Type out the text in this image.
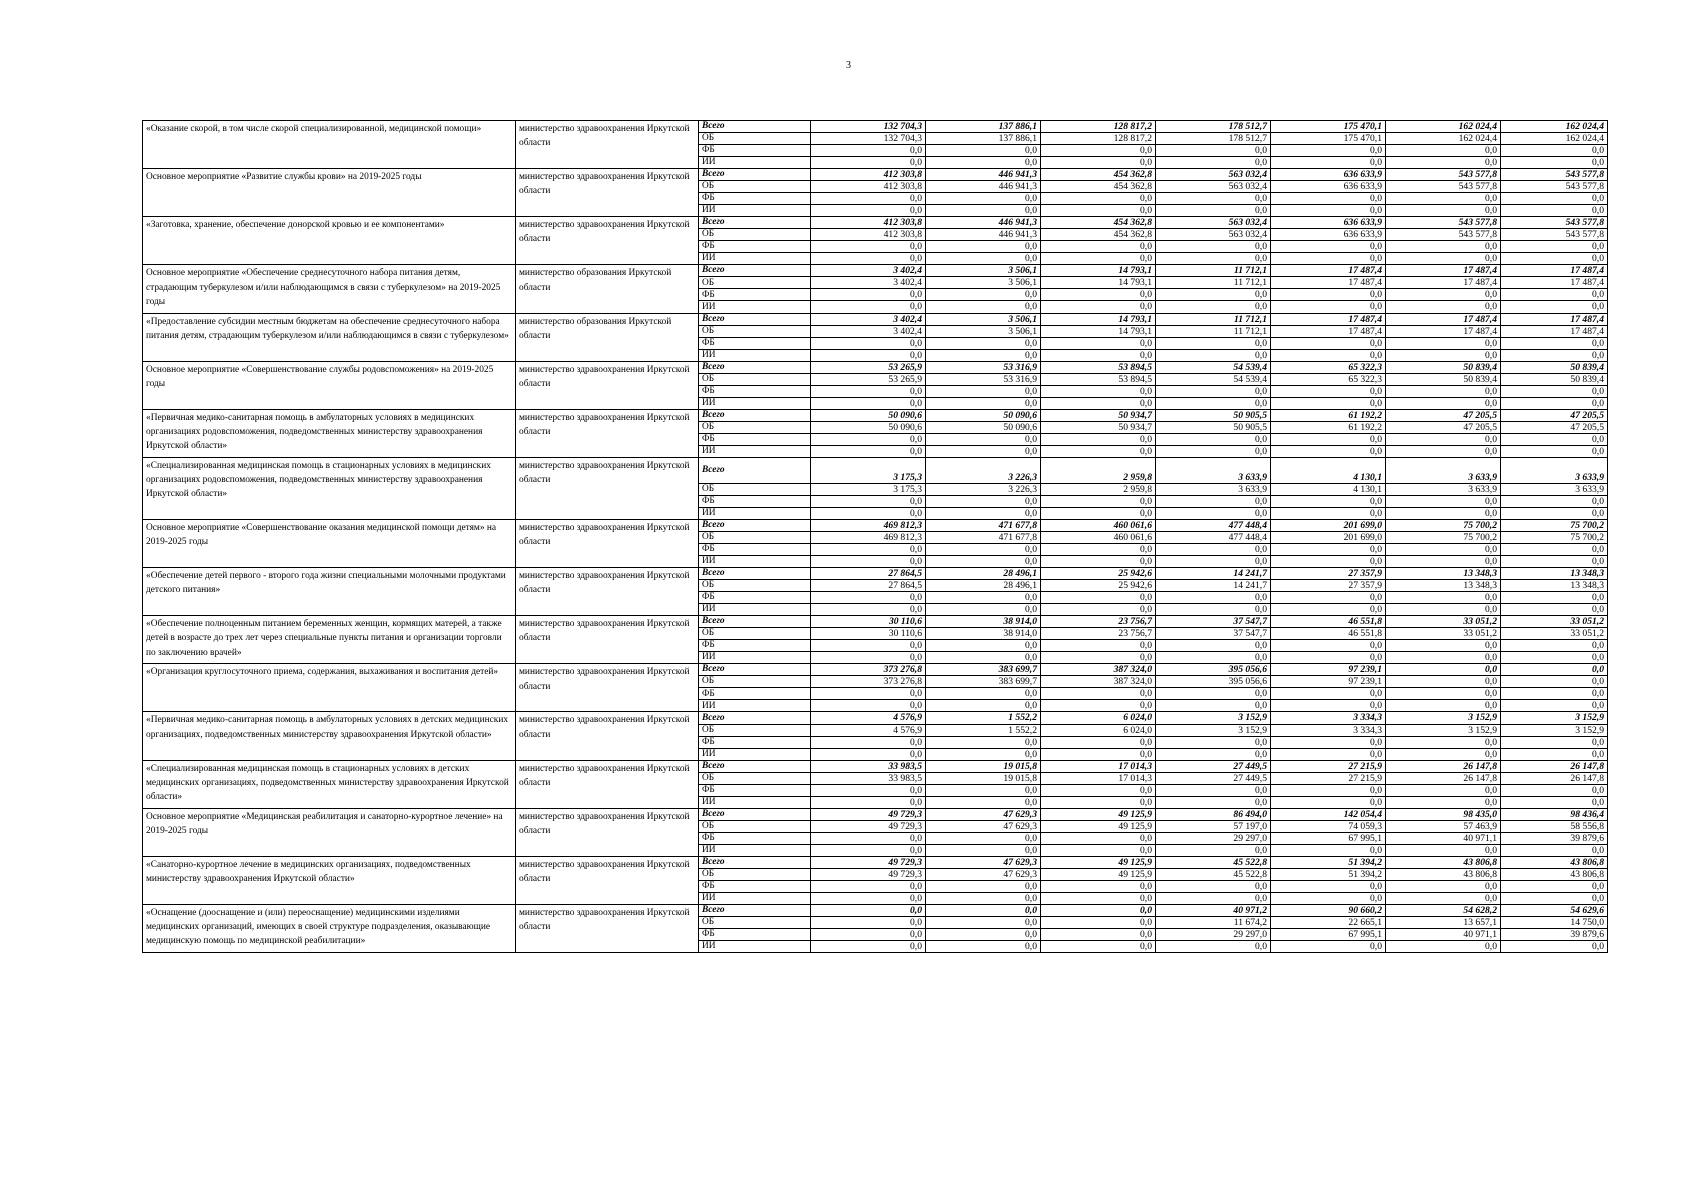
3
«Оказание скорой, в том числе скорой специализированной, медицинской помощи»	министерство здравоохранения Иркутской области	Всего	132 704,3	137 886,1	128 817,2	178 512,7	175 470,1	162 024,4	162 024,4
		ОБ	132 704,3	137 886,1	128 817,2	178 512,7	175 470,1	162 024,4	162 024,4
		ФБ	0,0	0,0	0,0	0,0	0,0	0,0	0,0
		ИИ	0,0	0,0	0,0	0,0	0,0	0,0	0,0
Основное мероприятие «Развитие службы крови» на 2019-2025 годы	министерство здравоохранения Иркутской области	Всего	412 303,8	446 941,3	454 362,8	563 032,4	636 633,9	543 577,8	543 577,8
		ОБ	412 303,8	446 941,3	454 362,8	563 032,4	636 633,9	543 577,8	543 577,8
		ФБ	0,0	0,0	0,0	0,0	0,0	0,0	0,0
		ИИ	0,0	0,0	0,0	0,0	0,0	0,0	0,0
«Заготовка, хранение, обеспечение донорской кровью и ее компонентами»	министерство здравоохранения Иркутской области	Всего	412 303,8	446 941,3	454 362,8	563 032,4	636 633,9	543 577,8	543 577,8
		ОБ	412 303,8	446 941,3	454 362,8	563 032,4	636 633,9	543 577,8	543 577,8
		ФБ	0,0	0,0	0,0	0,0	0,0	0,0	0,0
		ИИ	0,0	0,0	0,0	0,0	0,0	0,0	0,0
Основное мероприятие «Обеспечение среднесуточного набора питания детям, страдающим туберкулезом и/или наблюдающимся в связи с туберкулезом» на 2019-2025 годы	министерство образования Иркутской области	Всего	3 402,4	3 506,1	14 793,1	11 712,1	17 487,4	17 487,4	17 487,4
		ОБ	3 402,4	3 506,1	14 793,1	11 712,1	17 487,4	17 487,4	17 487,4
		ФБ	0,0	0,0	0,0	0,0	0,0	0,0	0,0
		ИИ	0,0	0,0	0,0	0,0	0,0	0,0	0,0
«Предоставление субсидии местным бюджетам на обеспечение среднесуточного набора питания детям, страдающим туберкулезом и/или наблюдающимся в связи с туберкулезом»	министерство образования Иркутской области	Всего	3 402,4	3 506,1	14 793,1	11 712,1	17 487,4	17 487,4	17 487,4
		ОБ	3 402,4	3 506,1	14 793,1	11 712,1	17 487,4	17 487,4	17 487,4
		ФБ	0,0	0,0	0,0	0,0	0,0	0,0	0,0
		ИИ	0,0	0,0	0,0	0,0	0,0	0,0	0,0
Основное мероприятие «Совершенствование службы родовспоможения» на 2019-2025 годы	министерство здравоохранения Иркутской области	Всего	53 265,9	53 316,9	53 894,5	54 539,4	65 322,3	50 839,4	50 839,4
		ОБ	53 265,9	53 316,9	53 894,5	54 539,4	65 322,3	50 839,4	50 839,4
		ФБ	0,0	0,0	0,0	0,0	0,0	0,0	0,0
		ИИ	0,0	0,0	0,0	0,0	0,0	0,0	0,0
«Первичная медико-санитарная помощь в амбулаторных условиях в медицинских организациях родовспоможения, подведомственных министерству здравоохранения Иркутской области»	министерство здравоохранения Иркутской области	Всего	50 090,6	50 090,6	50 934,7	50 905,5	61 192,2	47 205,5	47 205,5
		ОБ	50 090,6	50 090,6	50 934,7	50 905,5	61 192,2	47 205,5	47 205,5
		ФБ	0,0	0,0	0,0	0,0	0,0	0,0	0,0
		ИИ	0,0	0,0	0,0	0,0	0,0	0,0	0,0
«Специализированная медицинская помощь в стационарных условиях в медицинских организациях родовспоможения, подведомственных министерству здравоохранения Иркутской области»	министерство здравоохранения Иркутской области	Всего	3 175,3	3 226,3	2 959,8	3 633,9	4 130,1	3 633,9	3 633,9
		ОБ	3 175,3	3 226,3	2 959,8	3 633,9	4 130,1	3 633,9	3 633,9
		ФБ	0,0	0,0	0,0	0,0	0,0	0,0	0,0
		ИИ	0,0	0,0	0,0	0,0	0,0	0,0	0,0
Основное мероприятие «Совершенствование оказания медицинской помощи детям» на 2019-2025 годы	министерство здравоохранения Иркутской области	Всего	469 812,3	471 677,8	460 061,6	477 448,4	201 699,0	75 700,2	75 700,2
		ОБ	469 812,3	471 677,8	460 061,6	477 448,4	201 699,0	75 700,2	75 700,2
		ФБ	0,0	0,0	0,0	0,0	0,0	0,0	0,0
		ИИ	0,0	0,0	0,0	0,0	0,0	0,0	0,0
«Обеспечение детей первого - второго года жизни специальными молочными продуктами детского питания»	министерство здравоохранения Иркутской области	Всего	27 864,5	28 496,1	25 942,6	14 241,7	27 357,9	13 348,3	13 348,3
		ОБ	27 864,5	28 496,1	25 942,6	14 241,7	27 357,9	13 348,3	13 348,3
		ФБ	0,0	0,0	0,0	0,0	0,0	0,0	0,0
		ИИ	0,0	0,0	0,0	0,0	0,0	0,0	0,0
«Обеспечение полноценным питанием беременных женщин, кормящих матерей, а также детей в возрасте до трех лет через специальные пункты питания и организации торговли по заключению врачей»	министерство здравоохранения Иркутской области	Всего	30 110,6	38 914,0	23 756,7	37 547,7	46 551,8	33 051,2	33 051,2
		ОБ	30 110,6	38 914,0	23 756,7	37 547,7	46 551,8	33 051,2	33 051,2
		ФБ	0,0	0,0	0,0	0,0	0,0	0,0	0,0
		ИИ	0,0	0,0	0,0	0,0	0,0	0,0	0,0
«Организация круглосуточного приема, содержания, выхаживания и воспитания детей»	министерство здравоохранения Иркутской области	Всего	373 276,8	383 699,7	387 324,0	395 056,6	97 239,1	0,0	0,0
		ОБ	373 276,8	383 699,7	387 324,0	395 056,6	97 239,1	0,0	0,0
		ФБ	0,0	0,0	0,0	0,0	0,0	0,0	0,0
		ИИ	0,0	0,0	0,0	0,0	0,0	0,0	0,0
«Первичная медико-санитарная помощь в амбулаторных условиях в детских медицинских организациях, подведомственных министерству здравоохранения Иркутской области»	министерство здравоохранения Иркутской области	Всего	4 576,9	1 552,2	6 024,0	3 152,9	3 334,3	3 152,9	3 152,9
		ОБ	4 576,9	1 552,2	6 024,0	3 152,9	3 334,3	3 152,9	3 152,9
		ФБ	0,0	0,0	0,0	0,0	0,0	0,0	0,0
		ИИ	0,0	0,0	0,0	0,0	0,0	0,0	0,0
«Специализированная медицинская помощь в стационарных условиях в детских медицинских организациях, подведомственных министерству здравоохранения Иркутской области»	министерство здравоохранения Иркутской области	Всего	33 983,5	19 015,8	17 014,3	27 449,5	27 215,9	26 147,8	26 147,8
		ОБ	33 983,5	19 015,8	17 014,3	27 449,5	27 215,9	26 147,8	26 147,8
		ФБ	0,0	0,0	0,0	0,0	0,0	0,0	0,0
		ИИ	0,0	0,0	0,0	0,0	0,0	0,0	0,0
Основное мероприятие «Медицинская реабилитация и санаторно-курортное лечение» на 2019-2025 годы	министерство здравоохранения Иркутской области	Всего	49 729,3	47 629,3	49 125,9	86 494,0	142 054,4	98 435,0	98 436,4
		ОБ	49 729,3	47 629,3	49 125,9	57 197,0	74 059,3	57 463,9	58 556,8
		ФБ	0,0	0,0	0,0	29 297,0	67 995,1	40 971,1	39 879,6
		ИИ	0,0	0,0	0,0	0,0	0,0	0,0	0,0
«Санаторно-курортное лечение в медицинских организациях, подведомственных министерству здравоохранения Иркутской области»	министерство здравоохранения Иркутской области	Всего	49 729,3	47 629,3	49 125,9	45 522,8	51 394,2	43 806,8	43 806,8
		ОБ	49 729,3	47 629,3	49 125,9	45 522,8	51 394,2	43 806,8	43 806,8
		ФБ	0,0	0,0	0,0	0,0	0,0	0,0	0,0
		ИИ	0,0	0,0	0,0	0,0	0,0	0,0	0,0
«Оснащение (дооснащение и (или) переоснащение) медицинскими изделиями медицинских организаций, имеющих в своей структуре подразделения, оказывающие медицинскую помощь по медицинской реабилитации»	министерство здравоохранения Иркутской области	Всего	0,0	0,0	0,0	40 971,2	90 660,2	54 628,2	54 629,6
		ОБ	0,0	0,0	0,0	11 674,2	22 665,1	13 657,1	14 750,0
		ФБ	0,0	0,0	0,0	29 297,0	67 995,1	40 971,1	39 879,6
		ИИ	0,0	0,0	0,0	0,0	0,0	0,0	0,0
